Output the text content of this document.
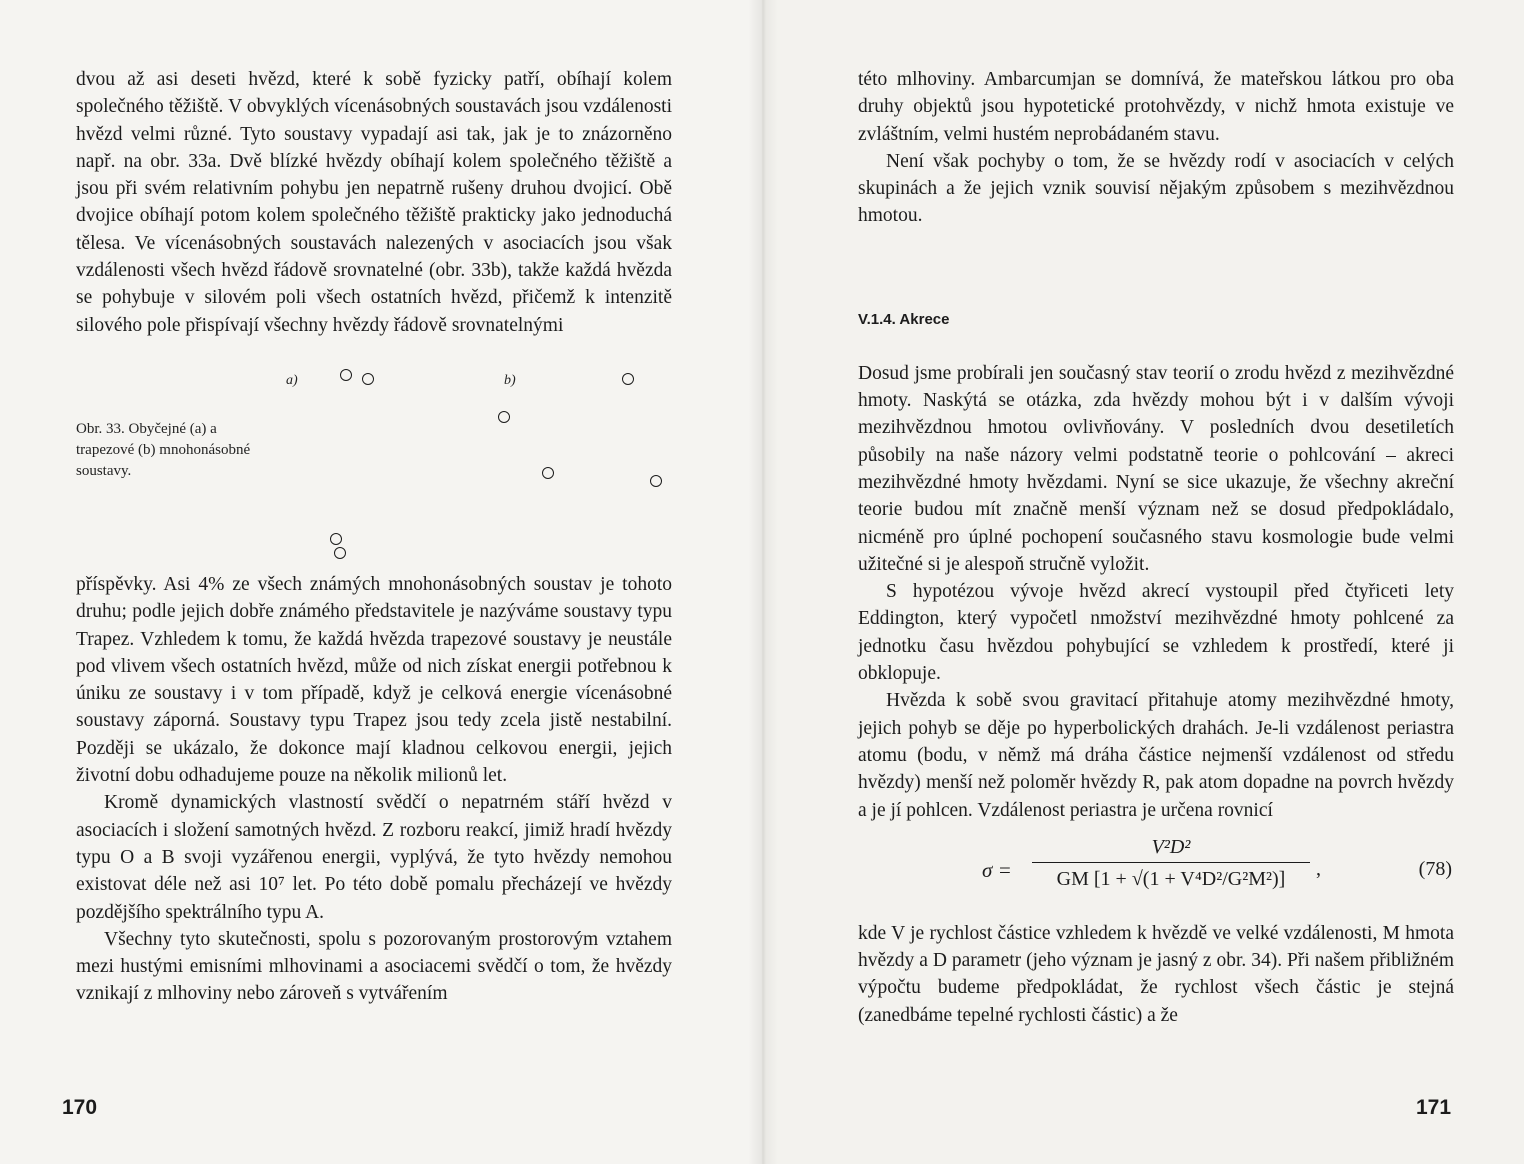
dvou až asi deseti hvězd, které k sobě fyzicky patří, obíhají kolem společného těžiště. V obvyklých vícenásobných soustavách jsou vzdálenosti hvězd velmi různé. Tyto soustavy vypadají asi tak, jak je to znázorněno např. na obr. 33a. Dvě blízké hvězdy obíhají kolem společného těžiště a jsou při svém relativním pohybu jen nepatrně rušeny druhou dvojicí. Obě dvojice obíhají potom kolem společného těžiště prakticky jako jednoduchá tělesa. Ve vícenásobných soustavách nalezených v asociacích jsou však vzdálenosti všech hvězd řádově srovnatelné (obr. 33b), takže každá hvězda se pohybuje v silovém poli všech ostatních hvězd, přičemž k intenzitě silového pole přispívají všechny hvězdy řádově srovnatelnými

a)	b)
Obr. 33. Obyčejné (a) a trapezové (b) mnohonásobné soustavy.

příspěvky. Asi 4% ze všech známých mnohonásobných soustav je tohoto druhu; podle jejich dobře známého představitele je nazýváme soustavy typu Trapez. Vzhledem k tomu, že každá hvězda trapezové soustavy je neustále pod vlivem všech ostatních hvězd, může od nich získat energii potřebnou k úniku ze soustavy i v tom případě, když je celková energie vícenásobné soustavy záporná. Soustavy typu Trapez jsou tedy zcela jistě nestabilní. Později se ukázalo, že dokonce mají kladnou celkovou energii, jejich životní dobu odhadujeme pouze na několik milionů let.

Kromě dynamických vlastností svědčí o nepatrném stáří hvězd v asociacích i složení samotných hvězd. Z rozboru reakcí, jimiž hradí hvězdy typu O a B svoji vyzářenou energii, vyplývá, že tyto hvězdy nemohou existovat déle než asi 10⁷ let. Po této době pomalu přecházejí ve hvězdy pozdějšího spektrálního typu A.

Všechny tyto skutečnosti, spolu s pozorovaným prostorovým vztahem mezi hustými emisními mlhovinami a asociacemi svědčí o tom, že hvězdy vznikají z mlhoviny nebo zároveň s vytvářením

170

této mlhoviny. Ambarcumjan se domnívá, že mateřskou látkou pro oba druhy objektů jsou hypotetické protohvězdy, v nichž hmota existuje ve zvláštním, velmi hustém neprobádaném stavu.

Není však pochyby o tom, že se hvězdy rodí v asociacích v celých skupinách a že jejich vznik souvisí nějakým způsobem s mezihvězdnou hmotou.

V.1.4. Akrece

Dosud jsme probírali jen současný stav teorií o zrodu hvězd z mezihvězdné hmoty. Naskýtá se otázka, zda hvězdy mohou být i v dalším vývoji mezihvězdnou hmotou ovlivňovány. V posledních dvou desetiletích působily na naše názory velmi podstatně teorie o pohlcování – akreci mezihvězdné hmoty hvězdami. Nyní se sice ukazuje, že všechny akreční teorie budou mít značně menší význam než se dosud předpokládalo, nicméně pro úplné pochopení současného stavu kosmologie bude velmi užitečné si je alespoň stručně vyložit.

S hypotézou vývoje hvězd akrecí vystoupil před čtyřiceti lety Eddington, který vypočetl nmožství mezihvězdné hmoty pohlcené za jednotku času hvězdou pohybující se vzhledem k prostředí, které ji obklopuje.

Hvězda k sobě svou gravitací přitahuje atomy mezihvězdné hmoty, jejich pohyb se děje po hyperbolických drahách. Je-li vzdálenost periastra atomu (bodu, v němž má dráha částice nejmenší vzdálenost od středu hvězdy) menší než poloměr hvězdy R, pak atom dopadne na povrch hvězdy a je jí pohlcen. Vzdálenost periastra je určena rovnicí

σ =
V²D²
GM [1 + √(1 + V⁴D²/G²M²)]	,	(78)

kde V je rychlost částice vzhledem k hvězdě ve velké vzdálenosti, M hmota hvězdy a D parametr (jeho význam je jasný z obr. 34). Při našem přibližném výpočtu budeme předpokládat, že rychlost všech částic je stejná (zanedbáme tepelné rychlosti částic) a že

171
